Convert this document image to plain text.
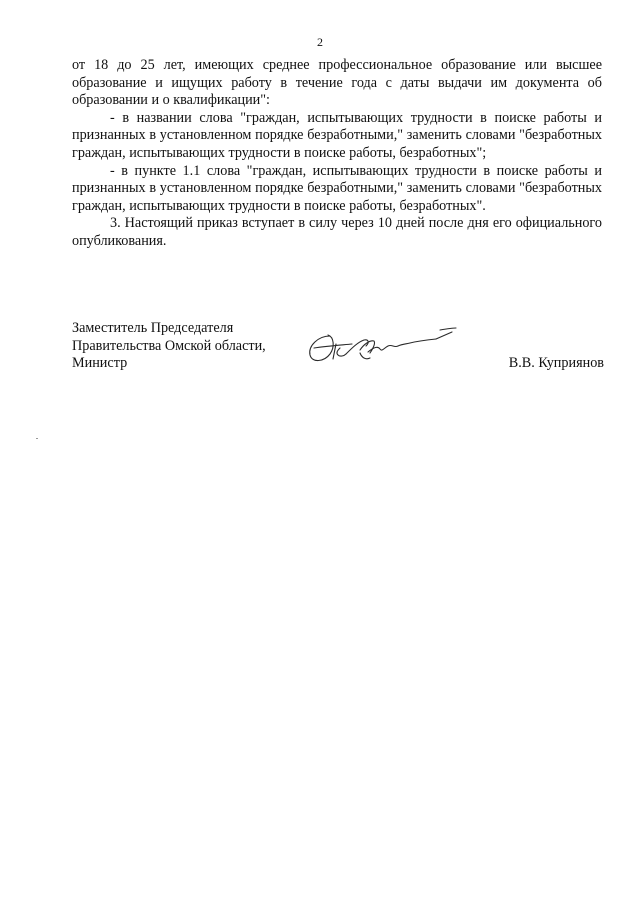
2

от 18 до 25 лет, имеющих среднее профессиональное образование или высшее образование и ищущих работу в течение года с даты выдачи им документа об образовании и о квалификации":

- в названии слова "граждан, испытывающих трудности в поиске работы и признанных в установленном порядке безработными," заменить словами "безработных граждан, испытывающих трудности в поиске работы, безработных";

- в пункте 1.1 слова "граждан, испытывающих трудности в поиске работы и признанных в установленном порядке безработными," заменить словами "безработных граждан, испытывающих трудности в поиске работы, безработных".

3. Настоящий приказ вступает в силу через 10 дней после дня его официального опубликования.

Заместитель Председателя
Правительства Омской области,
Министр	В.В. Куприянов
